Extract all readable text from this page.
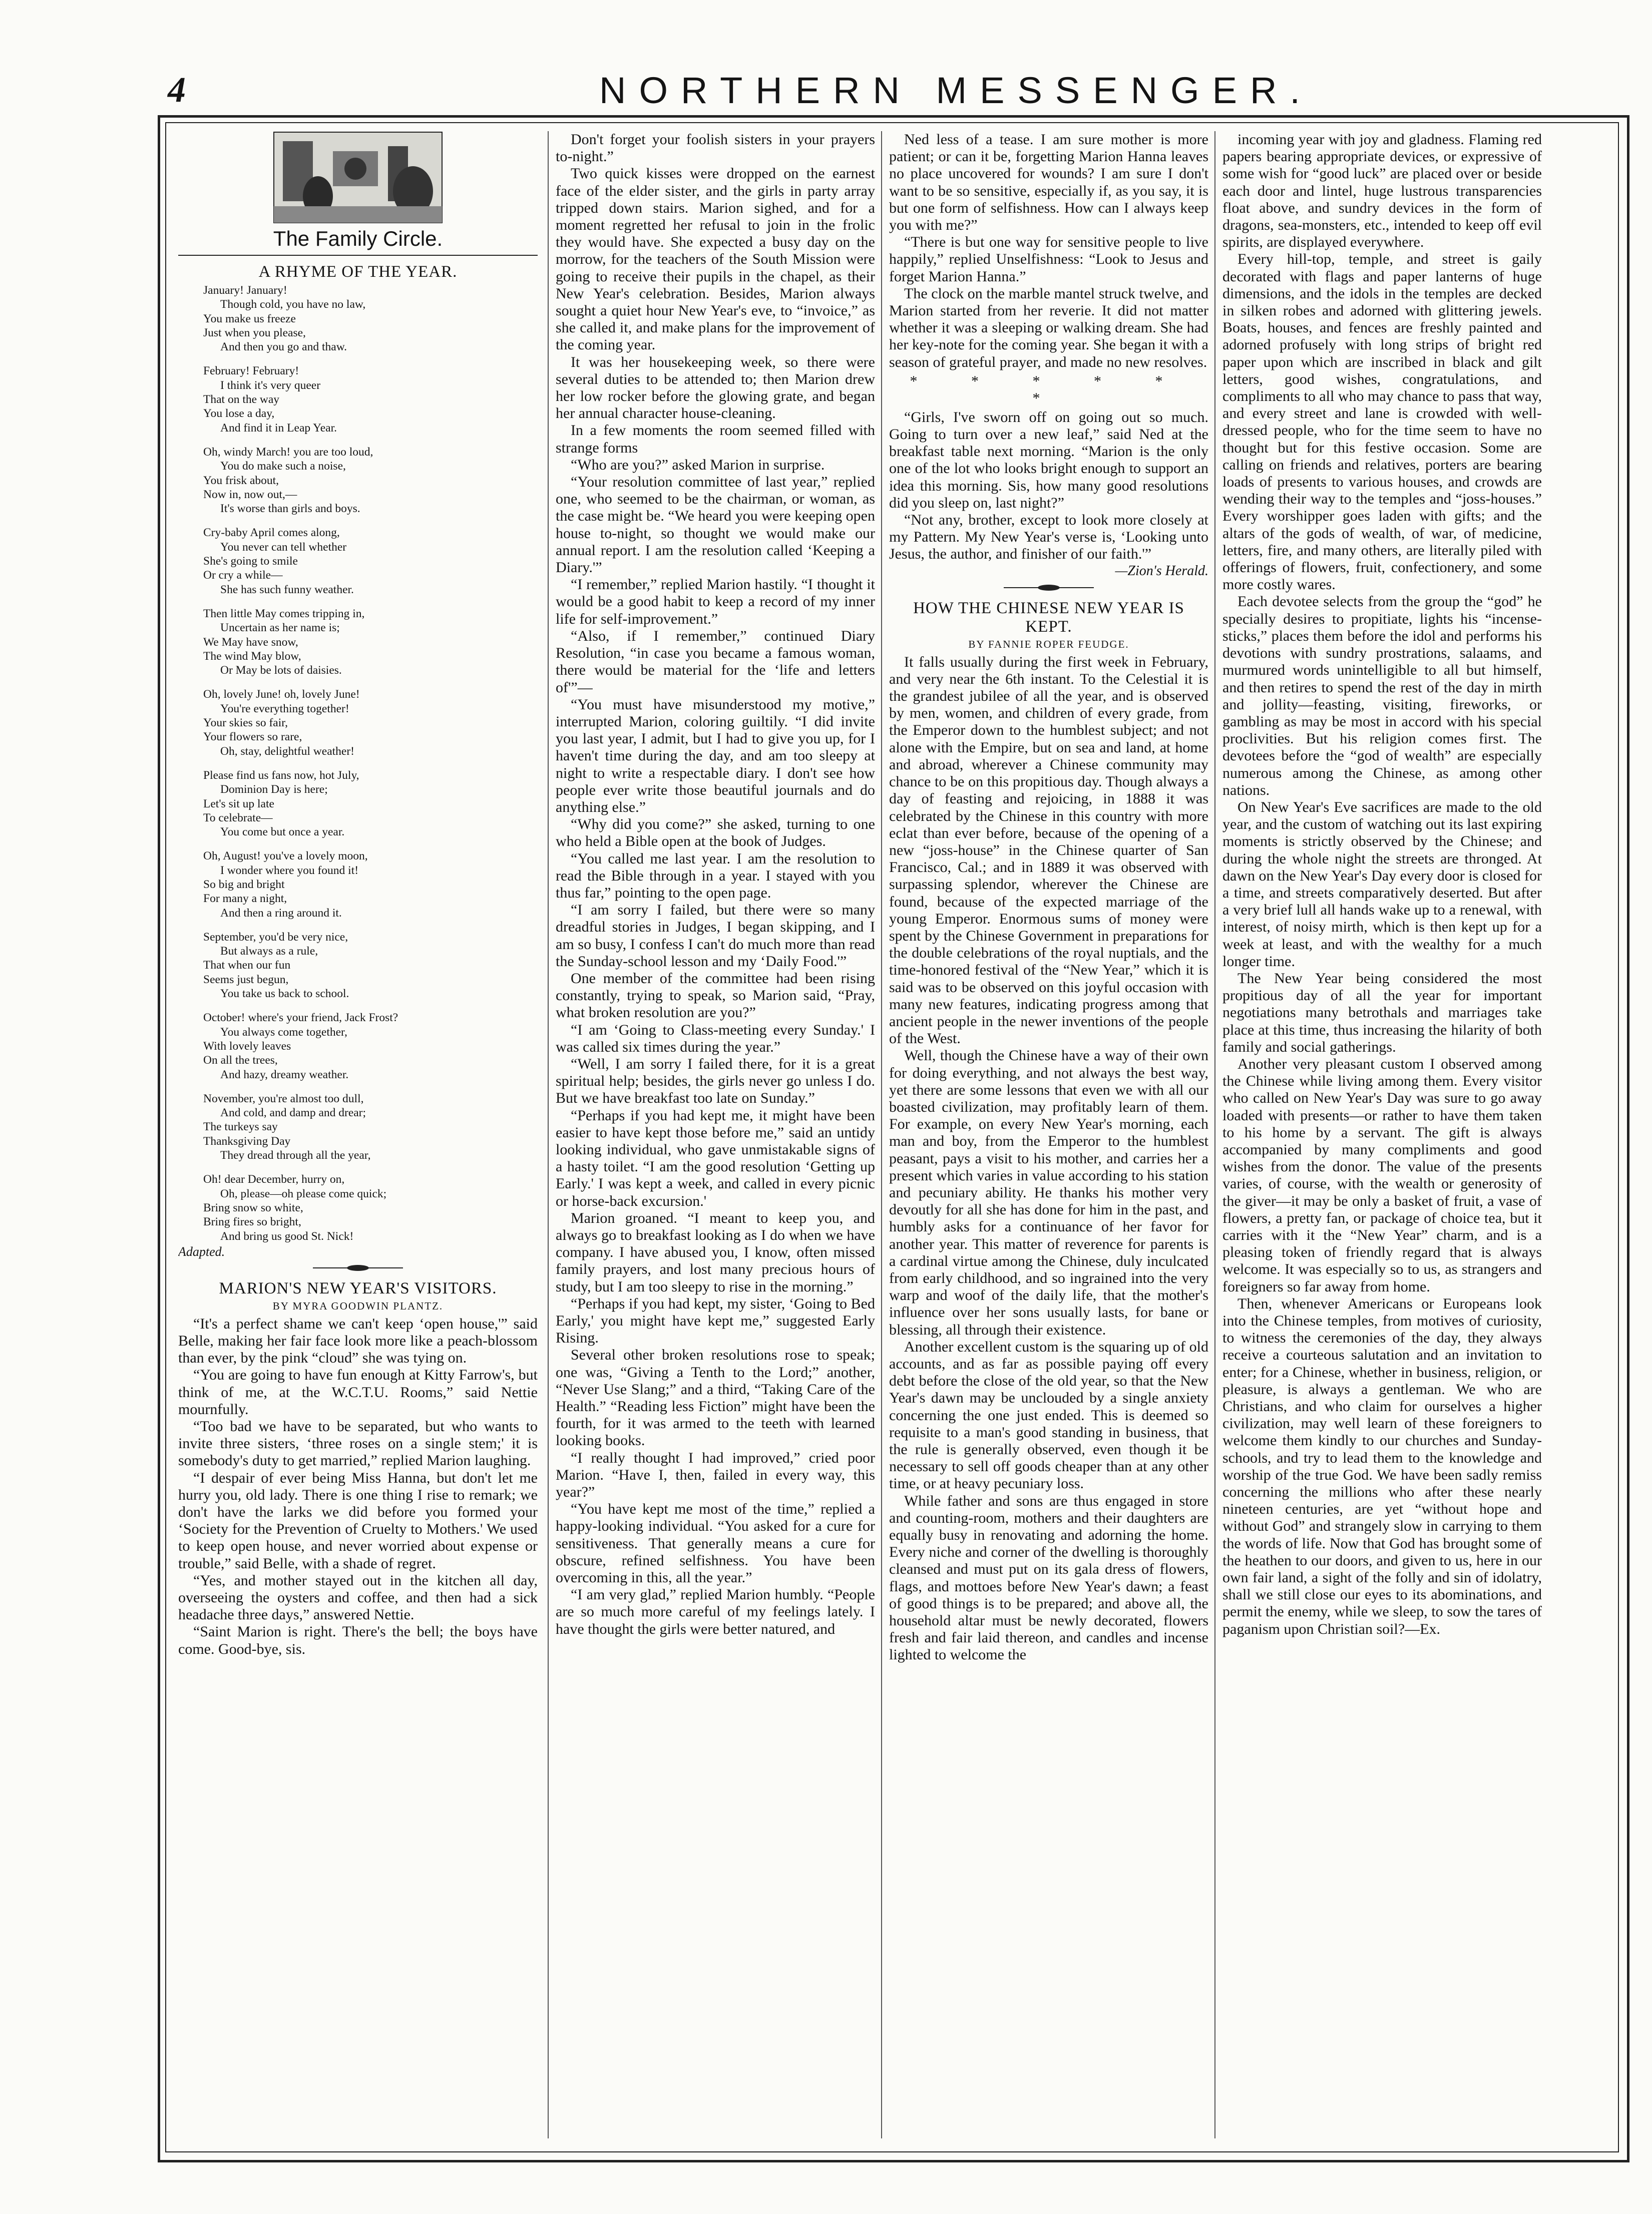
4	NORTHERN MESSENGER.
The Family Circle.
A RHYME OF THE YEAR.
January! January!
Though cold, you have no law,
You make us freeze
Just when you please,
And then you go and thaw.
February! February!
I think it's very queer
That on the way
You lose a day,
And find it in Leap Year.
Oh, windy March! you are too loud,
You do make such a noise,
You frisk about,
Now in, now out,—
It's worse than girls and boys.
Cry-baby April comes along,
You never can tell whether
She's going to smile
Or cry a while—
She has such funny weather.
Then little May comes tripping in,
Uncertain as her name is;
We May have snow,
The wind May blow,
Or May be lots of daisies.
Oh, lovely June! oh, lovely June!
You're everything together!
Your skies so fair,
Your flowers so rare,
Oh, stay, delightful weather!
Please find us fans now, hot July,
Dominion Day is here;
Let's sit up late
To celebrate—
You come but once a year.
Oh, August! you've a lovely moon,
I wonder where you found it!
So big and bright
For many a night,
And then a ring around it.
September, you'd be very nice,
But always as a rule,
That when our fun
Seems just begun,
You take us back to school.
October! where's your friend, Jack Frost?
You always come together,
With lovely leaves
On all the trees,
And hazy, dreamy weather.
November, you're almost too dull,
And cold, and damp and drear;
The turkeys say
Thanksgiving Day
They dread through all the year,
Oh! dear December, hurry on,
Oh, please—oh please come quick;
Bring snow so white,
Bring fires so bright,
And bring us good St. Nick!
Adapted.
MARION'S NEW YEAR'S VISITORS.
BY MYRA GOODWIN PLANTZ.

“It's a perfect shame we can't keep ‘open house,'” said Belle, making her fair face look more like a peach-blossom than ever, by the pink “cloud” she was tying on.

“You are going to have fun enough at Kitty Farrow's, but think of me, at the W.C.T.U. Rooms,” said Nettie mournfully.

“Too bad we have to be separated, but who wants to invite three sisters, ‘three roses on a single stem;' it is somebody's duty to get married,” replied Marion laughing.

“I despair of ever being Miss Hanna, but don't let me hurry you, old lady. There is one thing I rise to remark; we don't have the larks we did before you formed your ‘Society for the Prevention of Cruelty to Mothers.' We used to keep open house, and never worried about expense or trouble,” said Belle, with a shade of regret.

“Yes, and mother stayed out in the kitchen all day, overseeing the oysters and coffee, and then had a sick headache three days,” answered Nettie.

“Saint Marion is right. There's the bell; the boys have come. Good-bye, sis.

Don't forget your foolish sisters in your prayers to-night.”

Two quick kisses were dropped on the earnest face of the elder sister, and the girls in party array tripped down stairs. Marion sighed, and for a moment regretted her refusal to join in the frolic they would have. She expected a busy day on the morrow, for the teachers of the South Mission were going to receive their pupils in the chapel, as their New Year's celebration. Besides, Marion always sought a quiet hour New Year's eve, to “invoice,” as she called it, and make plans for the improvement of the coming year.

It was her housekeeping week, so there were several duties to be attended to; then Marion drew her low rocker before the glowing grate, and began her annual character house-cleaning.

In a few moments the room seemed filled with strange forms

“Who are you?” asked Marion in surprise.

“Your resolution committee of last year,” replied one, who seemed to be the chairman, or woman, as the case might be. “We heard you were keeping open house to-night, so thought we would make our annual report. I am the resolution called ‘Keeping a Diary.'”

“I remember,” replied Marion hastily. “I thought it would be a good habit to keep a record of my inner life for self-improvement.”

“Also, if I remember,” continued Diary Resolution, “in case you became a famous woman, there would be material for the ‘life and letters of'”—

“You must have misunderstood my motive,” interrupted Marion, coloring guiltily. “I did invite you last year, I admit, but I had to give you up, for I haven't time during the day, and am too sleepy at night to write a respectable diary. I don't see how people ever write those beautiful journals and do anything else.”

“Why did you come?” she asked, turning to one who held a Bible open at the book of Judges.

“You called me last year. I am the resolution to read the Bible through in a year. I stayed with you thus far,” pointing to the open page.

“I am sorry I failed, but there were so many dreadful stories in Judges, I began skipping, and I am so busy, I confess I can't do much more than read the Sunday-school lesson and my ‘Daily Food.'”

One member of the committee had been rising constantly, trying to speak, so Marion said, “Pray, what broken resolution are you?”

“I am ‘Going to Class-meeting every Sunday.' I was called six times during the year.”

“Well, I am sorry I failed there, for it is a great spiritual help; besides, the girls never go unless I do. But we have breakfast too late on Sunday.”

“Perhaps if you had kept me, it might have been easier to have kept those before me,” said an untidy looking individual, who gave unmistakable signs of a hasty toilet. “I am the good resolution ‘Getting up Early.' I was kept a week, and called in every picnic or horse-back excursion.'

Marion groaned. “I meant to keep you, and always go to breakfast looking as I do when we have company. I have abused you, I know, often missed family prayers, and lost many precious hours of study, but I am too sleepy to rise in the morning.”

“Perhaps if you had kept, my sister, ‘Going to Bed Early,' you might have kept me,” suggested Early Rising.

Several other broken resolutions rose to speak; one was, “Giving a Tenth to the Lord;” another, “Never Use Slang;” and a third, “Taking Care of the Health.” “Reading less Fiction” might have been the fourth, for it was armed to the teeth with learned looking books.

“I really thought I had improved,” cried poor Marion. “Have I, then, failed in every way, this year?”

“You have kept me most of the time,” replied a happy-looking individual. “You asked for a cure for sensitiveness. That generally means a cure for obscure, refined selfishness. You have been overcoming in this, all the year.”

“I am very glad,” replied Marion humbly. “People are so much more careful of my feelings lately. I have thought the girls were better natured, and

Ned less of a tease. I am sure mother is more patient; or can it be, forgetting Marion Hanna leaves no place uncovered for wounds? I am sure I don't want to be so sensitive, especially if, as you say, it is but one form of selfishness. How can I always keep you with me?”

“There is but one way for sensitive people to live happily,” replied Unselfishness: “Look to Jesus and forget Marion Hanna.”

The clock on the marble mantel struck twelve, and Marion started from her reverie. It did not matter whether it was a sleeping or walking dream. She had her key-note for the coming year. She began it with a season of grateful prayer, and made no new resolves.

* * * * * *

“Girls, I've sworn off on going out so much. Going to turn over a new leaf,” said Ned at the breakfast table next morning. “Marion is the only one of the lot who looks bright enough to support an idea this morning. Sis, how many good resolutions did you sleep on, last night?”

“Not any, brother, except to look more closely at my Pattern. My New Year's verse is, ‘Looking unto Jesus, the author, and finisher of our faith.'”

—Zion's Herald.
HOW THE CHINESE NEW YEAR IS KEPT.
BY FANNIE ROPER FEUDGE.

It falls usually during the first week in February, and very near the 6th instant. To the Celestial it is the grandest jubilee of all the year, and is observed by men, women, and children of every grade, from the Emperor down to the humblest subject; and not alone with the Empire, but on sea and land, at home and abroad, wherever a Chinese community may chance to be on this propitious day. Though always a day of feasting and rejoicing, in 1888 it was celebrated by the Chinese in this country with more eclat than ever before, because of the opening of a new “joss-house” in the Chinese quarter of San Francisco, Cal.; and in 1889 it was observed with surpassing splendor, wherever the Chinese are found, because of the expected marriage of the young Emperor. Enormous sums of money were spent by the Chinese Government in preparations for the double celebrations of the royal nuptials, and the time-honored festival of the “New Year,” which it is said was to be observed on this joyful occasion with many new features, indicating progress among that ancient people in the newer inventions of the people of the West.

Well, though the Chinese have a way of their own for doing everything, and not always the best way, yet there are some lessons that even we with all our boasted civilization, may profitably learn of them. For example, on every New Year's morning, each man and boy, from the Emperor to the humblest peasant, pays a visit to his mother, and carries her a present which varies in value according to his station and pecuniary ability. He thanks his mother very devoutly for all she has done for him in the past, and humbly asks for a continuance of her favor for another year. This matter of reverence for parents is a cardinal virtue among the Chinese, duly inculcated from early childhood, and so ingrained into the very warp and woof of the daily life, that the mother's influence over her sons usually lasts, for bane or blessing, all through their existence.

Another excellent custom is the squaring up of old accounts, and as far as possible paying off every debt before the close of the old year, so that the New Year's dawn may be unclouded by a single anxiety concerning the one just ended. This is deemed so requisite to a man's good standing in business, that the rule is generally observed, even though it be necessary to sell off goods cheaper than at any other time, or at heavy pecuniary loss.

While father and sons are thus engaged in store and counting-room, mothers and their daughters are equally busy in renovating and adorning the home. Every niche and corner of the dwelling is thoroughly cleansed and must put on its gala dress of flowers, flags, and mottoes before New Year's dawn; a feast of good things is to be prepared; and above all, the household altar must be newly decorated, flowers fresh and fair laid thereon, and candles and incense lighted to welcome the

incoming year with joy and gladness. Flaming red papers bearing appropriate devices, or expressive of some wish for “good luck” are placed over or beside each door and lintel, huge lustrous transparencies float above, and sundry devices in the form of dragons, sea-monsters, etc., intended to keep off evil spirits, are displayed everywhere.

Every hill-top, temple, and street is gaily decorated with flags and paper lanterns of huge dimensions, and the idols in the temples are decked in silken robes and adorned with glittering jewels. Boats, houses, and fences are freshly painted and adorned profusely with long strips of bright red paper upon which are inscribed in black and gilt letters, good wishes, congratulations, and compliments to all who may chance to pass that way, and every street and lane is crowded with well-dressed people, who for the time seem to have no thought but for this festive occasion. Some are calling on friends and relatives, porters are bearing loads of presents to various houses, and crowds are wending their way to the temples and “joss-houses.” Every worshipper goes laden with gifts; and the altars of the gods of wealth, of war, of medicine, letters, fire, and many others, are literally piled with offerings of flowers, fruit, confectionery, and some more costly wares.

Each devotee selects from the group the “god” he specially desires to propitiate, lights his “incense-sticks,” places them before the idol and performs his devotions with sundry prostrations, salaams, and murmured words unintelligible to all but himself, and then retires to spend the rest of the day in mirth and jollity—feasting, visiting, fireworks, or gambling as may be most in accord with his special proclivities. But his religion comes first. The devotees before the “god of wealth” are especially numerous among the Chinese, as among other nations.

On New Year's Eve sacrifices are made to the old year, and the custom of watching out its last expiring moments is strictly observed by the Chinese; and during the whole night the streets are thronged. At dawn on the New Year's Day every door is closed for a time, and streets comparatively deserted. But after a very brief lull all hands wake up to a renewal, with interest, of noisy mirth, which is then kept up for a week at least, and with the wealthy for a much longer time.

The New Year being considered the most propitious day of all the year for important negotiations many betrothals and marriages take place at this time, thus increasing the hilarity of both family and social gatherings.

Another very pleasant custom I observed among the Chinese while living among them. Every visitor who called on New Year's Day was sure to go away loaded with presents—or rather to have them taken to his home by a servant. The gift is always accompanied by many compliments and good wishes from the donor. The value of the presents varies, of course, with the wealth or generosity of the giver—it may be only a basket of fruit, a vase of flowers, a pretty fan, or package of choice tea, but it carries with it the “New Year” charm, and is a pleasing token of friendly regard that is always welcome. It was especially so to us, as strangers and foreigners so far away from home.

Then, whenever Americans or Europeans look into the Chinese temples, from motives of curiosity, to witness the ceremonies of the day, they always receive a courteous salutation and an invitation to enter; for a Chinese, whether in business, religion, or pleasure, is always a gentleman. We who are Christians, and who claim for ourselves a higher civilization, may well learn of these foreigners to welcome them kindly to our churches and Sunday-schools, and try to lead them to the knowledge and worship of the true God. We have been sadly remiss concerning the millions who after these nearly nineteen centuries, are yet “without hope and without God” and strangely slow in carrying to them the words of life. Now that God has brought some of the heathen to our doors, and given to us, here in our own fair land, a sight of the folly and sin of idolatry, shall we still close our eyes to its abominations, and permit the enemy, while we sleep, to sow the tares of paganism upon Christian soil?—Ex.
